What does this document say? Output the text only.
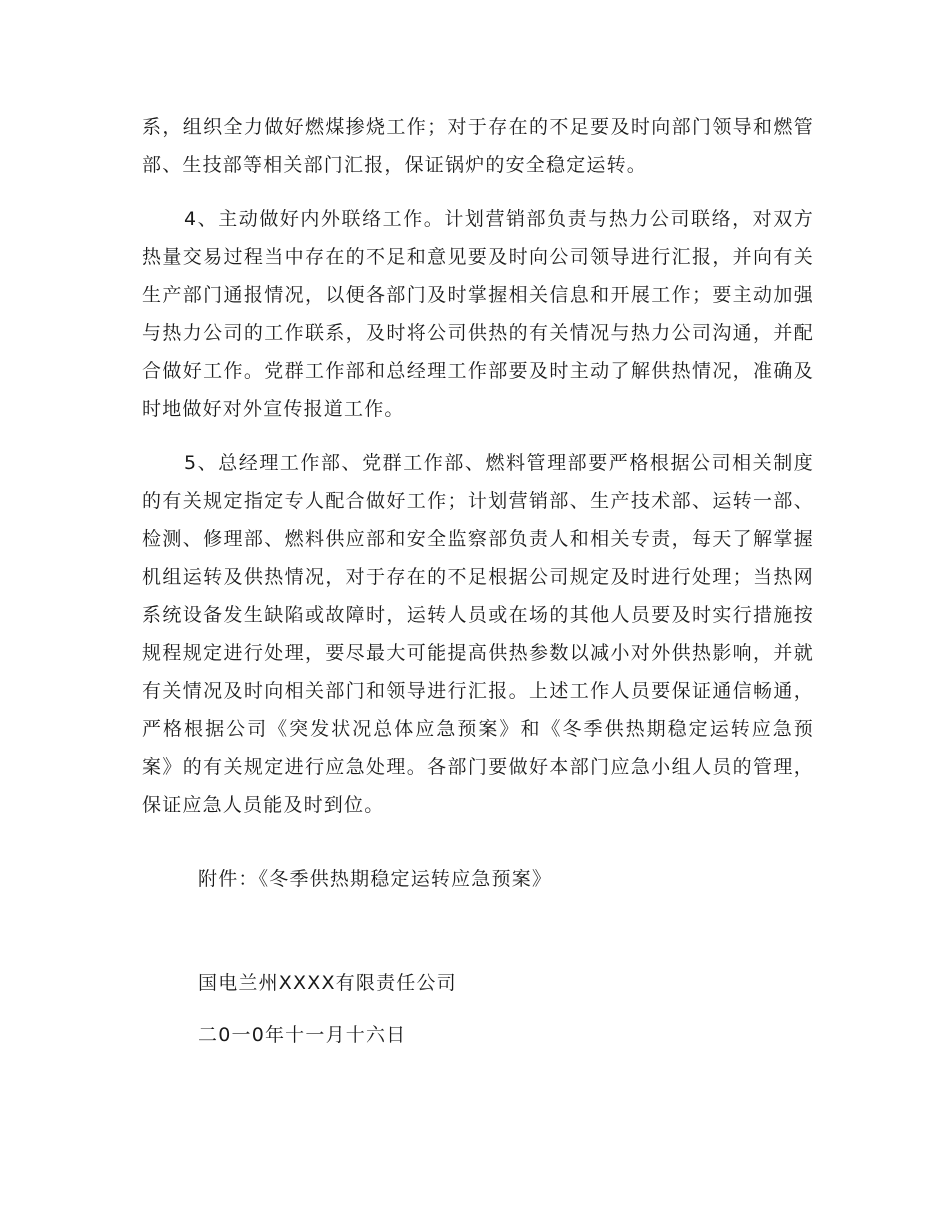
系，组织全力做好燃煤掺烧工作；对于存在的不足要及时向部门领导和燃管部、生技部等相关部门汇报，保证锅炉的安全稳定运转。

4、主动做好内外联络工作。计划营销部负责与热力公司联络，对双方热量交易过程当中存在的不足和意见要及时向公司领导进行汇报，并向有关生产部门通报情况，以便各部门及时掌握相关信息和开展工作；要主动加强与热力公司的工作联系，及时将公司供热的有关情况与热力公司沟通，并配合做好工作。党群工作部和总经理工作部要及时主动了解供热情况，准确及时地做好对外宣传报道工作。

5、总经理工作部、党群工作部、燃料管理部要严格根据公司相关制度的有关规定指定专人配合做好工作；计划营销部、生产技术部、运转一部、检测、修理部、燃料供应部和安全监察部负责人和相关专责，每天了解掌握机组运转及供热情况，对于存在的不足根据公司规定及时进行处理；当热网系统设备发生缺陷或故障时，运转人员或在场的其他人员要及时实行措施按规程规定进行处理，要尽最大可能提高供热参数以减小对外供热影响，并就有关情况及时向相关部门和领导进行汇报。上述工作人员要保证通信畅通，严格根据公司《突发状况总体应急预案》和《冬季供热期稳定运转应急预案》的有关规定进行应急处理。各部门要做好本部门应急小组人员的管理，保证应急人员能及时到位。

附件：《冬季供热期稳定运转应急预案》

国电兰州XXXX有限责任公司

二0一0年十一月十六日
